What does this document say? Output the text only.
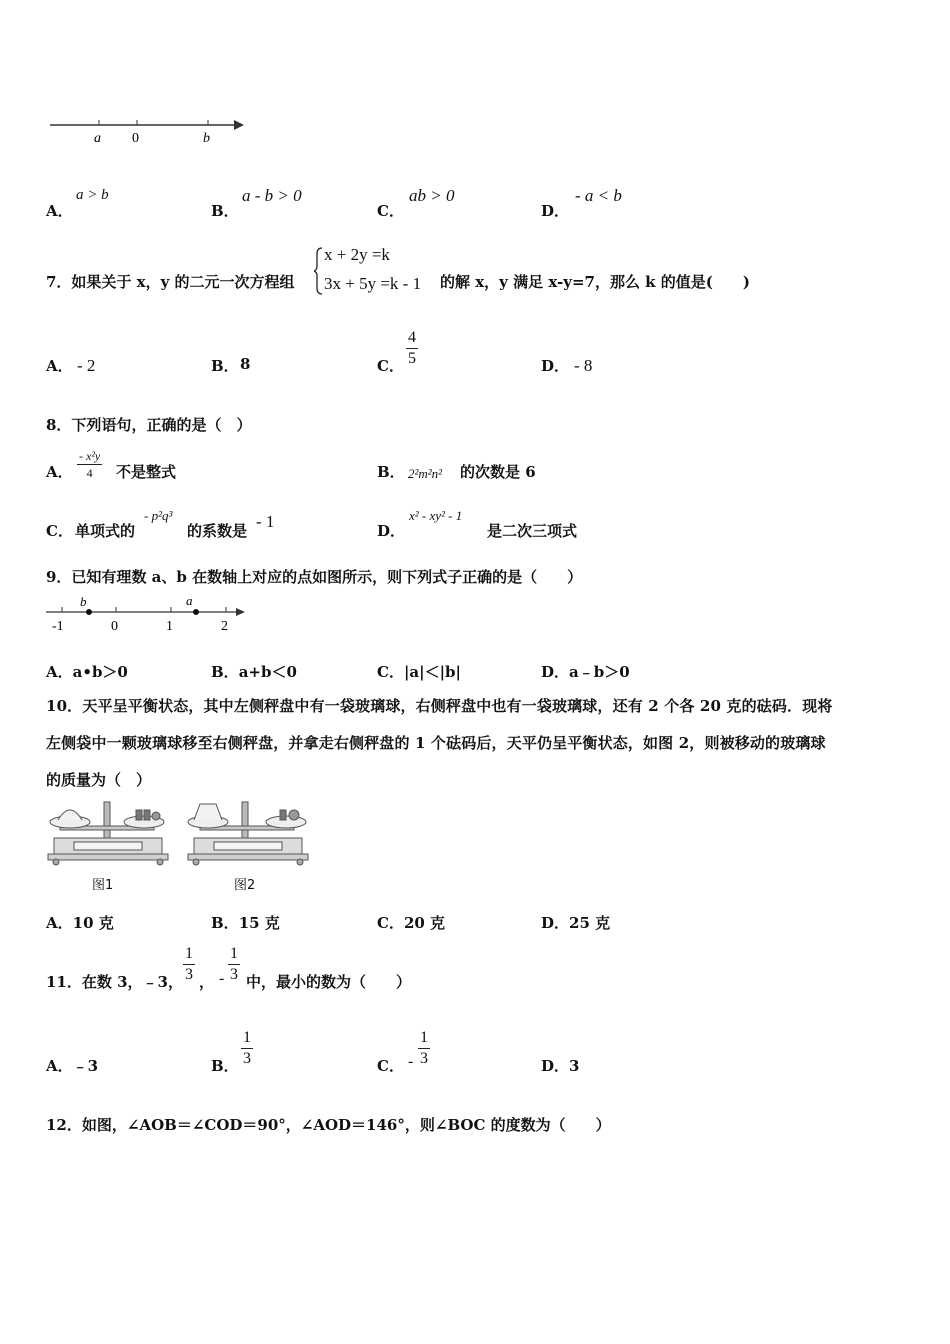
a 0	b
A．
a > b
B．
a - b > 0
C．
ab > 0
D．
- a < b
7．如果关于 x，y 的二元一次方程组
x + 2y =k
3x + 5y =k - 1 的解 x，y 满足 x-y=7，那么 k 的值是(　　)
A． - 2	B． 8	C． $\frac{4}{5}$	D． - 8
8．下列语句，正确的是（　）
A． $\frac{\text{- x²y}}{4}$ 不是整式	B． 2²m²n² 的次数是 6
C． 单项式的
- p²q³
的系数是 - 1	D．
x² - xy² - 1
是二次三项式
9．已知有理数 a、b 在数轴上对应的点如图所示，则下列式子正确的是（　　）
b	a
-1	0	1	2
A．a•b＞0	B．a+b＜0	C．|a|＜|b|	D．a﹣b＞0
10．天平呈平衡状态，其中左侧秤盘中有一袋玻璃球，右侧秤盘中也有一袋玻璃球，还有 2 个各 20 克的砝码．现将
左侧袋中一颗玻璃球移至右侧秤盘，并拿走右侧秤盘的 1 个砝码后，天平仍呈平衡状态，如图 2，则被移动的玻璃球
的质量为（　）
图1	图2
A．10 克	B．15 克	C．20 克	D．25 克
11．在数 3，﹣3， $\frac{1}{3}$ ， - $\frac{1}{3}$ 中，最小的数为（　　）
A．﹣3	B． $\frac{1}{3}$	C． - $\frac{1}{3}$	D．3
12．如图，∠AOB＝∠COD＝90°，∠AOD＝146°，则∠BOC 的度数为（　　）
